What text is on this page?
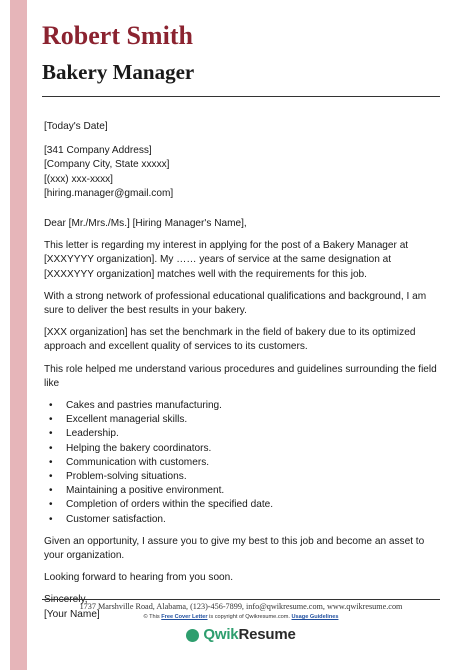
Robert Smith
Bakery Manager

[Today's Date]

[341 Company Address]
[Company City, State xxxxx]
[(xxx) xxx-xxxx]
[hiring.manager@gmail.com]

Dear [Mr./Mrs./Ms.] [Hiring Manager's Name],

This letter is regarding my interest in applying for the post of a Bakery Manager at [XXXYYYY organization]. My …… years of service at the same designation at [XXXXYYY organization] matches well with the requirements for this job.

With a strong network of professional educational qualifications and background, I am sure to deliver the best results in your bakery.

[XXX organization] has set the benchmark in the field of bakery due to its optimized approach and excellent quality of services to its customers.

This role helped me understand various procedures and guidelines surrounding the field like

• Cakes and pastries manufacturing.
• Excellent managerial skills.
• Leadership.
• Helping the bakery coordinators.
• Communication with customers.
• Problem-solving situations.
• Maintaining a positive environment.
• Completion of orders within the specified date.
• Customer satisfaction.

Given an opportunity, I assure you to give my best to this job and become an asset to your organization.

Looking forward to hearing from you soon.

Sincerely,
[Your Name]

1737 Marshville Road, Alabama, (123)-456-7899, info@qwikresume.com, www.qwikresume.com
© This Free Cover Letter is copyright of Qwikresume.com. Usage Guidelines
QwikResume
